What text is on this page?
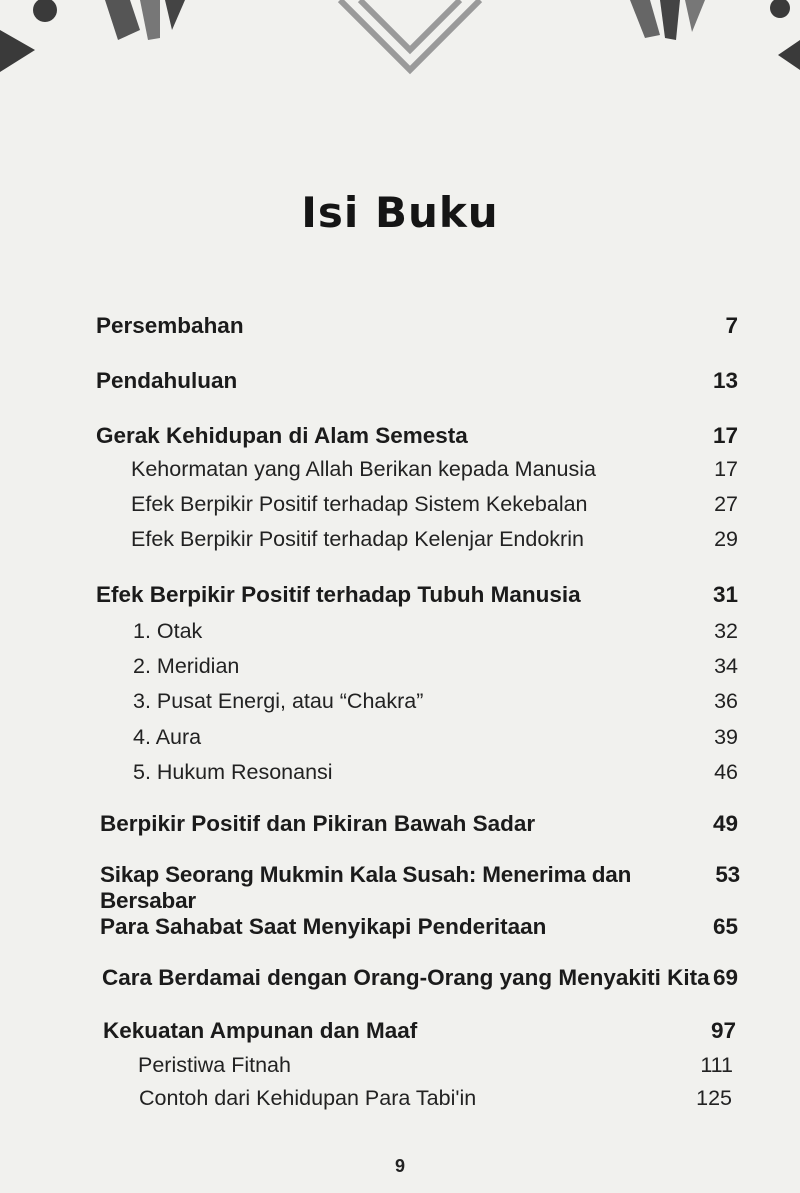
Isi Buku
Persembahan	7
Pendahuluan	13
Gerak Kehidupan di Alam Semesta	17
Kehormatan yang Allah Berikan kepada Manusia	17
Efek Berpikir Positif terhadap Sistem Kekebalan	27
Efek Berpikir Positif terhadap Kelenjar Endokrin	29
Efek Berpikir Positif terhadap Tubuh Manusia	31
1. Otak	32
2. Meridian	34
3. Pusat Energi, atau “Chakra”	36
4. Aura	39
5. Hukum Resonansi	46
Berpikir Positif dan Pikiran Bawah Sadar	49
Sikap Seorang Mukmin Kala Susah: Menerima dan Bersabar
53
Para Sahabat Saat Menyikapi Penderitaan	65
Cara Berdamai dengan Orang-Orang yang Menyakiti Kita 69
Kekuatan Ampunan dan Maaf	97
Peristiwa Fitnah	111
Contoh dari Kehidupan Para Tabi'in	125
9
